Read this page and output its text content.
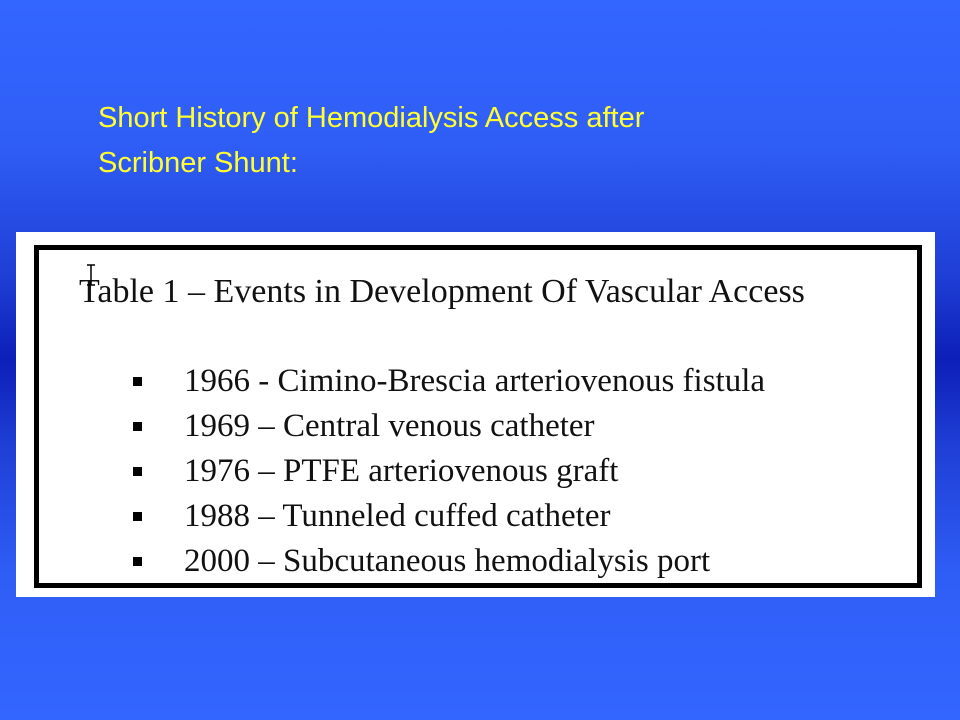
Short History of Hemodialysis Access after
Scribner Shunt:
Table 1 – Events in Development Of Vascular Access
1966 - Cimino-Brescia arteriovenous fistula
1969 – Central venous catheter
1976 – PTFE arteriovenous graft
1988 – Tunneled cuffed catheter
2000 – Subcutaneous hemodialysis port
